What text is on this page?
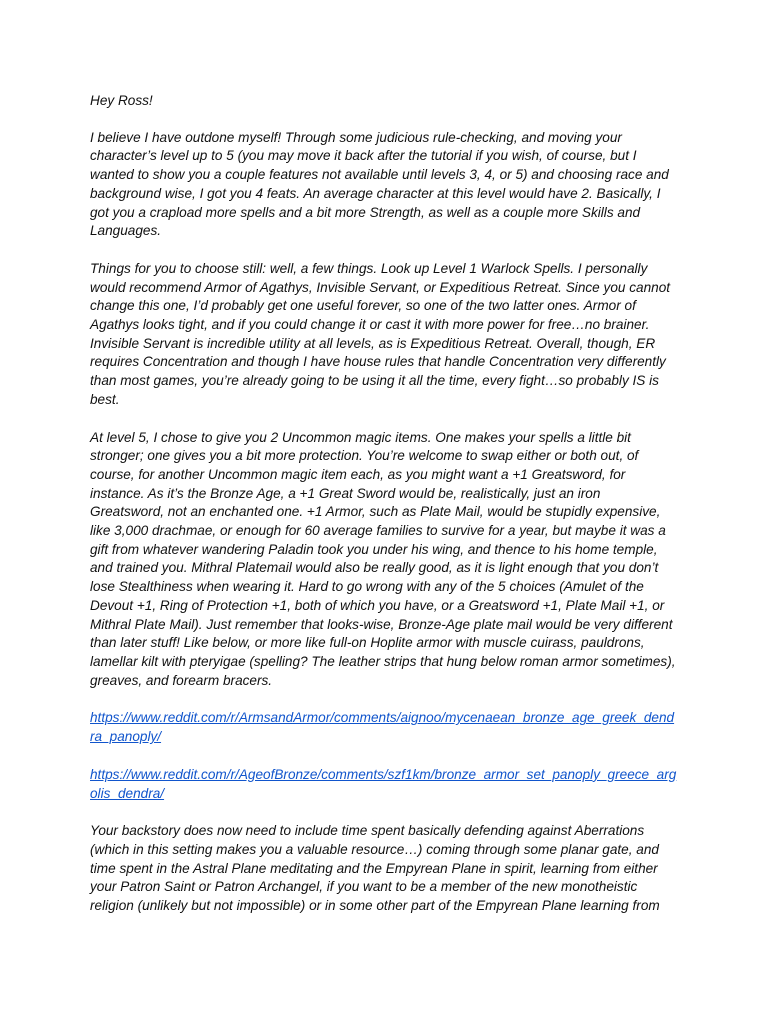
Hey Ross!

I believe I have outdone myself! Through some judicious rule-checking, and moving your character’s level up to 5 (you may move it back after the tutorial if you wish, of course, but I wanted to show you a couple features not available until levels 3, 4, or 5) and choosing race and background wise, I got you 4 feats. An average character at this level would have 2. Basically, I got you a crapload more spells and a bit more Strength, as well as a couple more Skills and Languages.

Things for you to choose still: well, a few things. Look up Level 1 Warlock Spells. I personally would recommend Armor of Agathys, Invisible Servant, or Expeditious Retreat. Since you cannot change this one, I’d probably get one useful forever, so one of the two latter ones. Armor of Agathys looks tight, and if you could change it or cast it with more power for free…no brainer. Invisible Servant is incredible utility at all levels, as is Expeditious Retreat. Overall, though, ER requires Concentration and though I have house rules that handle Concentration very differently than most games, you’re already going to be using it all the time, every fight…so probably IS is best.

At level 5, I chose to give you 2 Uncommon magic items. One makes your spells a little bit stronger; one gives you a bit more protection. You’re welcome to swap either or both out, of course, for another Uncommon magic item each, as you might want a +1 Greatsword, for instance. As it’s the Bronze Age, a +1 Great Sword would be, realistically, just an iron Greatsword, not an enchanted one. +1 Armor, such as Plate Mail, would be stupidly expensive, like 3,000 drachmae, or enough for 60 average families to survive for a year, but maybe it was a gift from whatever wandering Paladin took you under his wing, and thence to his home temple, and trained you. Mithral Platemail would also be really good, as it is light enough that you don’t lose Stealthiness when wearing it. Hard to go wrong with any of the 5 choices (Amulet of the Devout +1, Ring of Protection +1, both of which you have, or a Greatsword +1, Plate Mail +1, or Mithral Plate Mail). Just remember that looks-wise, Bronze-Age plate mail would be very different than later stuff! Like below, or more like full-on Hoplite armor with muscle cuirass, pauldrons, lamellar kilt with pteryigae (spelling? The leather strips that hung below roman armor sometimes), greaves, and forearm bracers.

https://www.reddit.com/r/ArmsandArmor/comments/aignoo/mycenaean_bronze_age_greek_dendra_panoply/

https://www.reddit.com/r/AgeofBronze/comments/szf1km/bronze_armor_set_panoply_greece_argolis_dendra/

Your backstory does now need to include time spent basically defending against Aberrations (which in this setting makes you a valuable resource…) coming through some planar gate, and time spent in the Astral Plane meditating and the Empyrean Plane in spirit, learning from either your Patron Saint or Patron Archangel, if you want to be a member of the new monotheistic religion (unlikely but not impossible) or in some other part of the Empyrean Plane learning from
